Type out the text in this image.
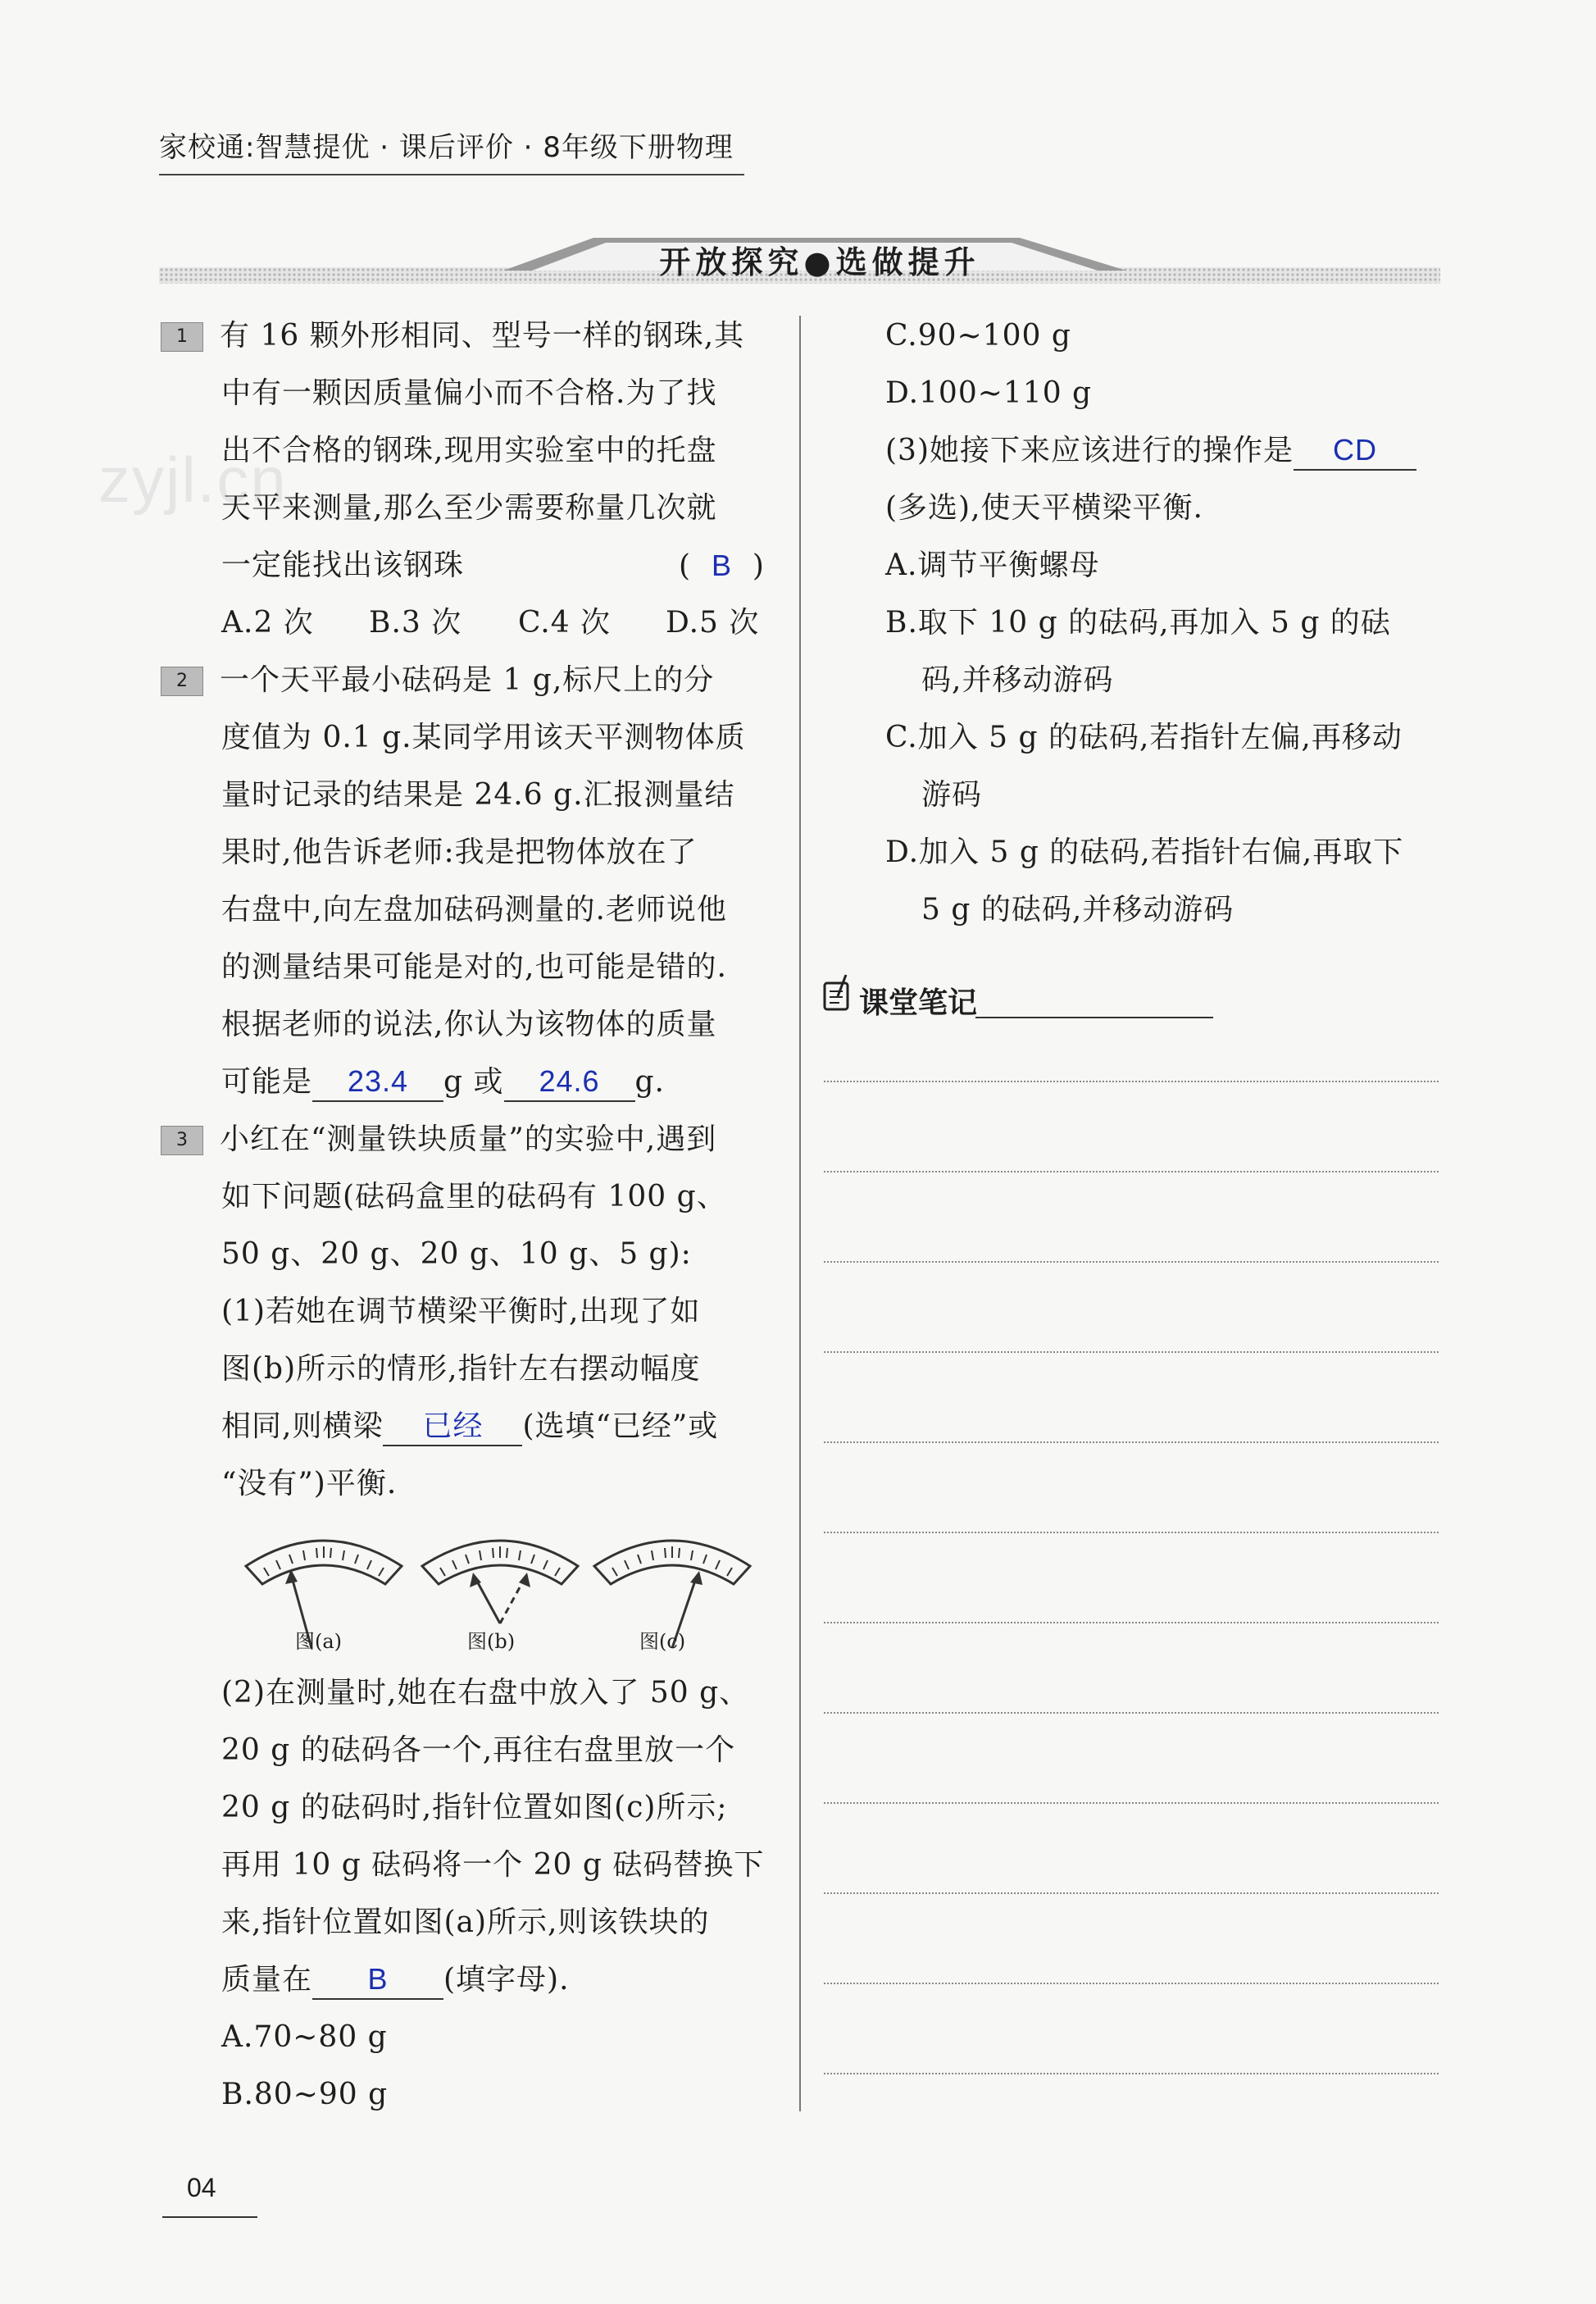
家校通:智慧提优 · 课后评价 · 8年级下册物理
开放探究●选做提升
zyjl.cn
1	有 16 颗外形相同、型号一样的钢珠,其
中有一颗因质量偏小而不合格.为了找
出不合格的钢珠,现用实验室中的托盘
天平来测量,那么至少需要称量几次就
一定能找出该钢珠	(  B  )
A.2 次 B.3 次 C.4 次 D.5 次
2	一个天平最小砝码是 1 g,标尺上的分
度值为 0.1 g.某同学用该天平测物体质
量时记录的结果是 24.6 g.汇报测量结
果时,他告诉老师:我是把物体放在了
右盘中,向左盘加砝码测量的.老师说他
的测量结果可能是对的,也可能是错的.
根据老师的说法,你认为该物体的质量
可能是 23.4 g 或 24.6 g.
3	小红在“测量铁块质量”的实验中,遇到
如下问题(砝码盒里的砝码有 100 g、
50 g、20 g、20 g、10 g、5 g):
(1)若她在调节横梁平衡时,出现了如
图(b)所示的情形,指针左右摆动幅度
相同,则横梁 已经 (选填“已经”或
“没有”)平衡.
图(a)	图(b)	图(c)
(2)在测量时,她在右盘中放入了 50 g、
20 g 的砝码各一个,再往右盘里放一个
20 g 的砝码时,指针位置如图(c)所示;
再用 10 g 砝码将一个 20 g 砝码替换下
来,指针位置如图(a)所示,则该铁块的
质量在 B (填字母).
A.70~80 g
B.80~90 g
C.90~100 g
D.100~110 g
(3)她接下来应该进行的操作是 CD
(多选),使天平横梁平衡.
A.调节平衡螺母
B.取下 10 g 的砝码,再加入 5 g 的砝
码,并移动游码
C.加入 5 g 的砝码,若指针左偏,再移动
游码
D.加入 5 g 的砝码,若指针右偏,再取下
5 g 的砝码,并移动游码
课堂笔记
04
